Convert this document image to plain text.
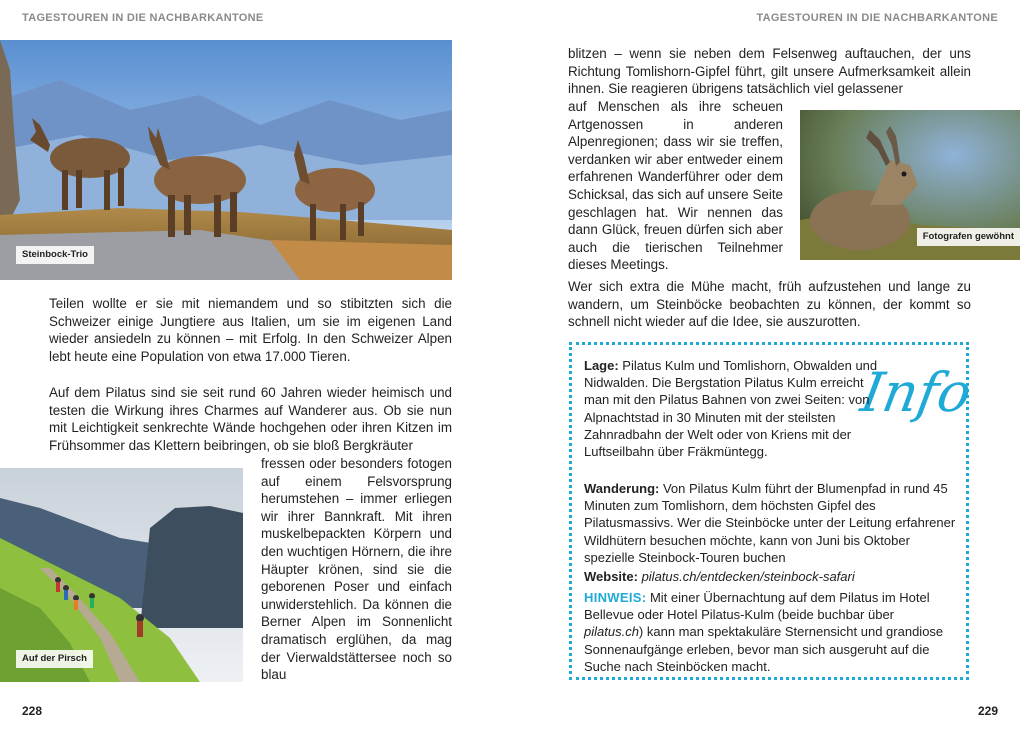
TAGESTOUREN IN DIE NACHBARKANTONE
Steinbock-Trio

Teilen wollte er sie mit niemandem und so stibitzten sich die Schweizer einige Jungtiere aus Italien, um sie im eigenen Land wieder ansiedeln zu können – mit Erfolg. In den Schweizer Alpen lebt heute eine Population von etwa 17.000 Tieren.

Auf dem Pilatus sind sie seit rund 60 Jahren wieder heimisch und testen die Wirkung ihres Charmes auf Wanderer aus. Ob sie nun mit Leichtigkeit senkrechte Wände hochgehen oder ihren Kitzen im Frühsommer das Klettern beibringen, ob sie bloß Bergkräuter

Auf der Pirsch

fressen oder besonders fotogen auf einem Felsvorsprung herumstehen – immer erliegen wir ihrer Bannkraft. Mit ihren muskelbepackten Körpern und den wuchtigen Hörnern, die ihre Häupter krönen, sind sie die geborenen Poser und einfach unwiderstehlich. Da können die Berner Alpen im Sonnenlicht dramatisch erglühen, da mag der Vierwaldstättersee noch so blau

228
TAGESTOUREN IN DIE NACHBARKANTONE
229

blitzen – wenn sie neben dem Felsenweg auftauchen, der uns Richtung Tomlishorn-Gipfel führt, gilt unsere Aufmerksamkeit allein ihnen. Sie reagieren übrigens tatsächlich viel gelassener

auf Menschen als ihre scheuen Artgenossen in anderen Alpenregionen; dass wir sie treffen, verdanken wir aber entweder einem erfahrenen Wanderführer oder dem Schicksal, das sich auf unsere Seite geschlagen hat. Wir nennen das dann Glück, freuen dürfen sich aber auch die tierischen Teilnehmer dieses Meetings.

Fotografen gewöhnt

Wer sich extra die Mühe macht, früh aufzustehen und lange zu wandern, um Steinböcke beobachten zu können, der kommt so schnell nicht wieder auf die Idee, sie auszurotten.

Info

Lage: Pilatus Kulm und Tomlishorn, Obwalden und Nidwalden. Die Bergstation Pilatus Kulm erreicht man mit den Pilatus Bahnen von zwei Seiten: von Alpnachtstad in 30 Minuten mit der steilsten Zahnradbahn der Welt oder von Kriens mit der Luftseilbahn über Fräkmüntegg.

Wanderung: Von Pilatus Kulm führt der Blumenpfad in rund 45 Minuten zum Tomlishorn, dem höchsten Gipfel des Pilatusmassivs. Wer die Steinböcke unter der Leitung erfahrener Wildhütern besuchen möchte, kann von Juni bis Oktober spezielle Steinbock-Touren buchen

Website: pilatus.ch/entdecken/steinbock-safari

HINWEIS: Mit einer Übernachtung auf dem Pilatus im Hotel Bellevue oder Hotel Pilatus-Kulm (beide buchbar über pilatus.ch) kann man spektakuläre Sternensicht und grandiose Sonnenaufgänge erleben, bevor man sich ausgeruht auf die Suche nach Steinböcken macht.
